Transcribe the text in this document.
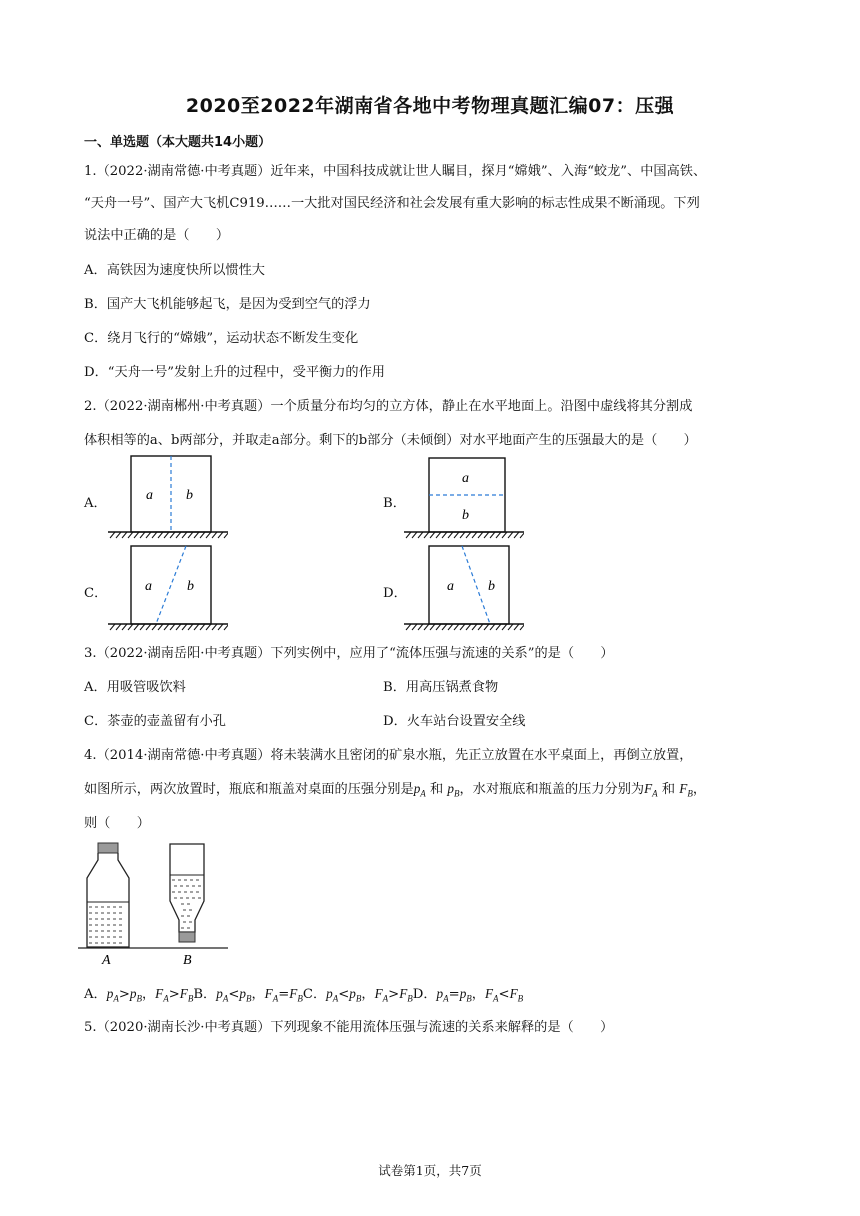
2020至2022年湖南省各地中考物理真题汇编07：压强
一、单选题（本大题共14小题）
1.（2022·湖南常德·中考真题）近年来，中国科技成就让世人瞩目，探月“嫦娥”、入海“蛟龙”、中国高铁、
“天舟一号”、国产大飞机C919……一大批对国民经济和社会发展有重大影响的标志性成果不断涌现。下列
说法中正确的是（　　）
A．高铁因为速度快所以惯性大
B．国产大飞机能够起飞，是因为受到空气的浮力
C．绕月飞行的“嫦娥”，运动状态不断发生变化
D．“天舟一号”发射上升的过程中，受平衡力的作用
2.（2022·湖南郴州·中考真题）一个质量分布均匀的立方体，静止在水平地面上。沿图中虚线将其分割成
体积相等的a、b两部分，并取走a部分。剩下的b部分（未倾倒）对水平地面产生的压强最大的是（　　）
A．	B．
C．	D．
a b
a
b
a	b	a b
3.（2022·湖南岳阳·中考真题）下列实例中，应用了“流体压强与流速的关系”的是（　　）
A．用吸管吸饮料	B．用高压锅煮食物
C．茶壶的壶盖留有小孔	D．火车站台设置安全线
4.（2014·湖南常德·中考真题）将未装满水且密闭的矿泉水瓶，先正立放置在水平桌面上，再倒立放置，
如图所示，两次放置时，瓶底和瓶盖对桌面的压强分别是$p_A$ 和 $p_B$，水对瓶底和瓶盖的压力分别为$F_A$ 和 $F_B$，
则（　　）
A	B
A．$p_A>p_B$，$F_A>F_BB$．$p_A<p_B$，$F_A=F_BC$．$p_A<p_B$，$F_A>F_BD$．$p_A=p_B$，$F_A<F_B$
5.（2020·湖南长沙·中考真题）下列现象不能用流体压强与流速的关系来解释的是（　　）
试卷第1页，共7页
